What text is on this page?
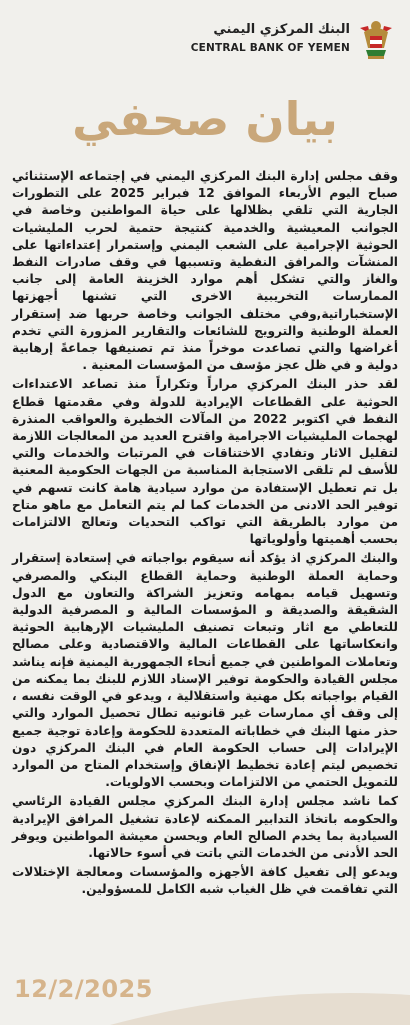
البنك المركزي اليمني
CENTRAL BANK OF YEMEN
بيان صحفي

وقف مجلس إدارة البنك المركزي اليمني في إجتماعه الإستثنائي صباح اليوم الأربعاء الموافق 12 فبراير 2025 على التطورات الجارية التي تلقي بظلالها على حياة المواطنين وخاصة في الجوانب المعيشية والخدمية كنتيجة حتمية لحرب المليشيات الحوثية الإجرامية على الشعب اليمني وإستمرار إعتداءاتها على المنشآت والمرافق النفطية وتسببها في وقف صادرات النفط والغاز والتي تشكل أهم موارد الخزينة العامة إلى جانب الممارسات التخريبية الاخرى التي تشنها أجهزتها الإستخباراتية,وفي مختلف الجوانب وخاصة حربها ضد إستقرار العملة الوطنية والترويج للشائعات والتقارير المزورة التي تخدم أغراضها والتي تصاعدت موخراً منذ تم تصنيفها جماعةً إرهابية دولية و في ظل عجز مؤسف من المؤسسات المعنية .

لقد حذر البنك المركزي مراراً وتكراراً منذ تصاعد الاعتداءات الحوثية على القطاعات الإيرادية للدولة وفي مقدمتها قطاع النفط في اكتوبر 2022 من المآلات الخطيرة والعواقب المنذرة لهجمات المليشيات الاجرامية واقترح العديد من المعالجات اللازمة لتقليل الاثار وتفادي الاختناقات في المرتبات والخدمات والتي للأسف لم تلقى الاستجابة المناسبة من الجهات الحكومية المعنية بل تم تعطيل الإستفادة من موارد سيادية هامة كانت تسهم في توفير الحد الادنى من الخدمات كما لم يتم التعامل مع ماهو متاح من موارد بالطريقة التي تواكب التحديات وتعالج الالتزامات بحسب أهميتها وأولوياتها

والبنك المركزي اذ يؤكد أنه سيقوم بواجباته في إستعادة إستقرار وحماية العملة الوطنية وحماية القطاع البنكي والمصرفي وتسهيل قيامه بمهامه وتعزيز الشراكة والتعاون مع الدول الشقيقة والصديقة و المؤسسات المالية و المصرفية الدولية للتعاطي مع اثار وتبعات تصنيف المليشيات الإرهابية الحوثية وانعكاساتها على القطاعات المالية والاقتصادية وعلى مصالح وتعاملات المواطنين في جميع أنحاء الجمهورية اليمنية فإنه يناشد مجلس القيادة والحكومة توفير الإسناد اللازم للبنك بما يمكنه من القيام بواجباته بكل مهنية واستقلالية ، ويدعو في الوقت نفسه ، إلى وقف أي ممارسات غير قانونيه تطال تحصيل الموارد والتي حذر منها البنك في خطاباته المتعددة للحكومة وإعادة توجية جميع الإيرادات إلى حساب الحكومة العام في البنك المركزي دون تخصيص ليتم إعادة تخطيط الإنفاق وإستخدام المتاح من الموارد للتمويل الحتمي من الالتزامات وبحسب الاولويات.

كما ناشد مجلس إدارة البنك المركزي مجلس القيادة الرئاسي والحكومه باتخاذ التدابير الممكنه لإعادة تشغيل المرافق الإيرادية السيادية بما يخدم الصالح العام ويحسن معيشة المواطنين ويوفر الحد الأدنى من الخدمات التي باتت في أسوء حالاتها.

ويدعو إلى تفعيل كافة الأجهزه والمؤسسات ومعالجة الإختلالات التي تفاقمت في ظل الغياب شبه الكامل للمسؤولين.

12/2/2025
